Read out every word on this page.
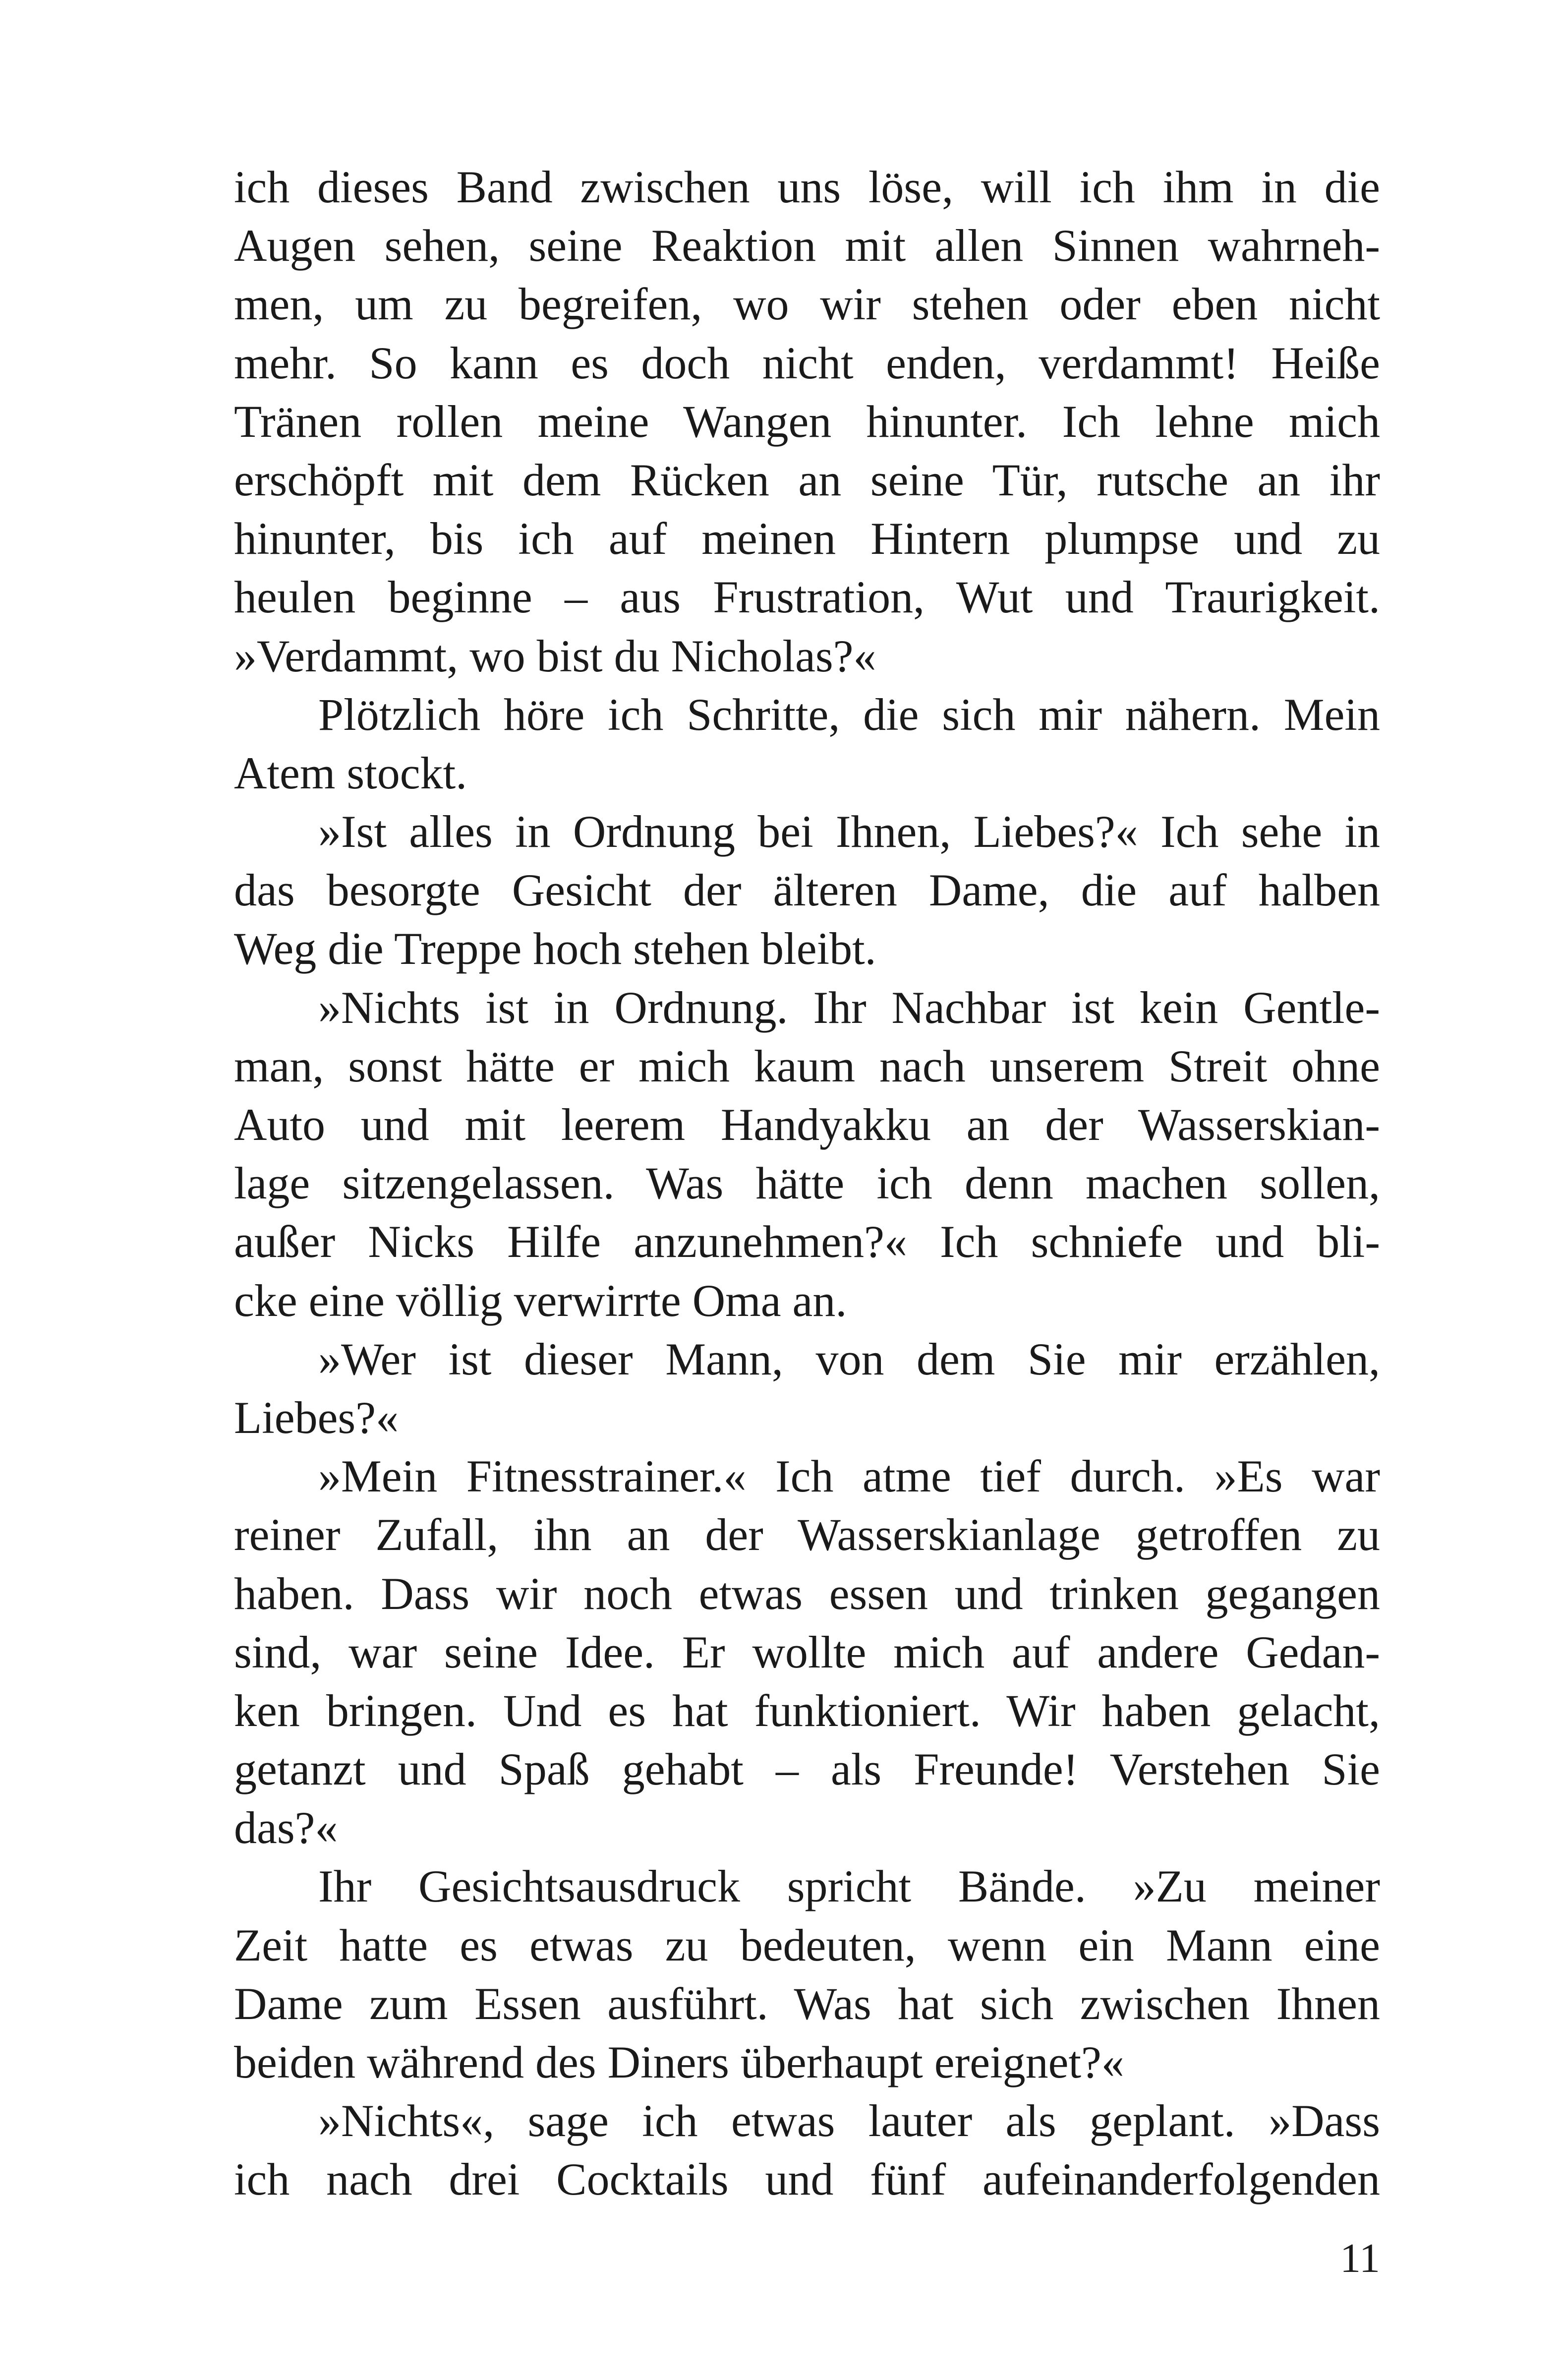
ich dieses Band zwischen uns löse, will ich ihm in die
Augen sehen, seine Reaktion mit allen Sinnen wahrneh-
men, um zu begreifen, wo wir stehen oder eben nicht
mehr. So kann es doch nicht enden, verdammt! Heiße
Tränen rollen meine Wangen hinunter. Ich lehne mich
erschöpft mit dem Rücken an seine Tür, rutsche an ihr
hinunter, bis ich auf meinen Hintern plumpse und zu
heulen beginne – aus Frustration, Wut und Traurigkeit.
»Verdammt, wo bist du Nicholas?«
Plötzlich höre ich Schritte, die sich mir nähern. Mein
Atem stockt.
»Ist alles in Ordnung bei Ihnen, Liebes?« Ich sehe in
das besorgte Gesicht der älteren Dame, die auf halben
Weg die Treppe hoch stehen bleibt.
»Nichts ist in Ordnung. Ihr Nachbar ist kein Gentle-
man, sonst hätte er mich kaum nach unserem Streit ohne
Auto und mit leerem Handyakku an der Wasserskian-
lage sitzengelassen. Was hätte ich denn machen sollen,
außer Nicks Hilfe anzunehmen?« Ich schniefe und bli-
cke eine völlig verwirrte Oma an.
»Wer ist dieser Mann, von dem Sie mir erzählen,
Liebes?«
»Mein Fitnesstrainer.« Ich atme tief durch. »Es war
reiner Zufall, ihn an der Wasserskianlage getroffen zu
haben. Dass wir noch etwas essen und trinken gegangen
sind, war seine Idee. Er wollte mich auf andere Gedan-
ken bringen. Und es hat funktioniert. Wir haben gelacht,
getanzt und Spaß gehabt – als Freunde! Verstehen Sie
das?«
Ihr Gesichtsausdruck spricht Bände. »Zu meiner
Zeit hatte es etwas zu bedeuten, wenn ein Mann eine
Dame zum Essen ausführt. Was hat sich zwischen Ihnen
beiden während des Diners überhaupt ereignet?«
»Nichts«, sage ich etwas lauter als geplant. »Dass
ich nach drei Cocktails und fünf aufeinanderfolgenden
11
